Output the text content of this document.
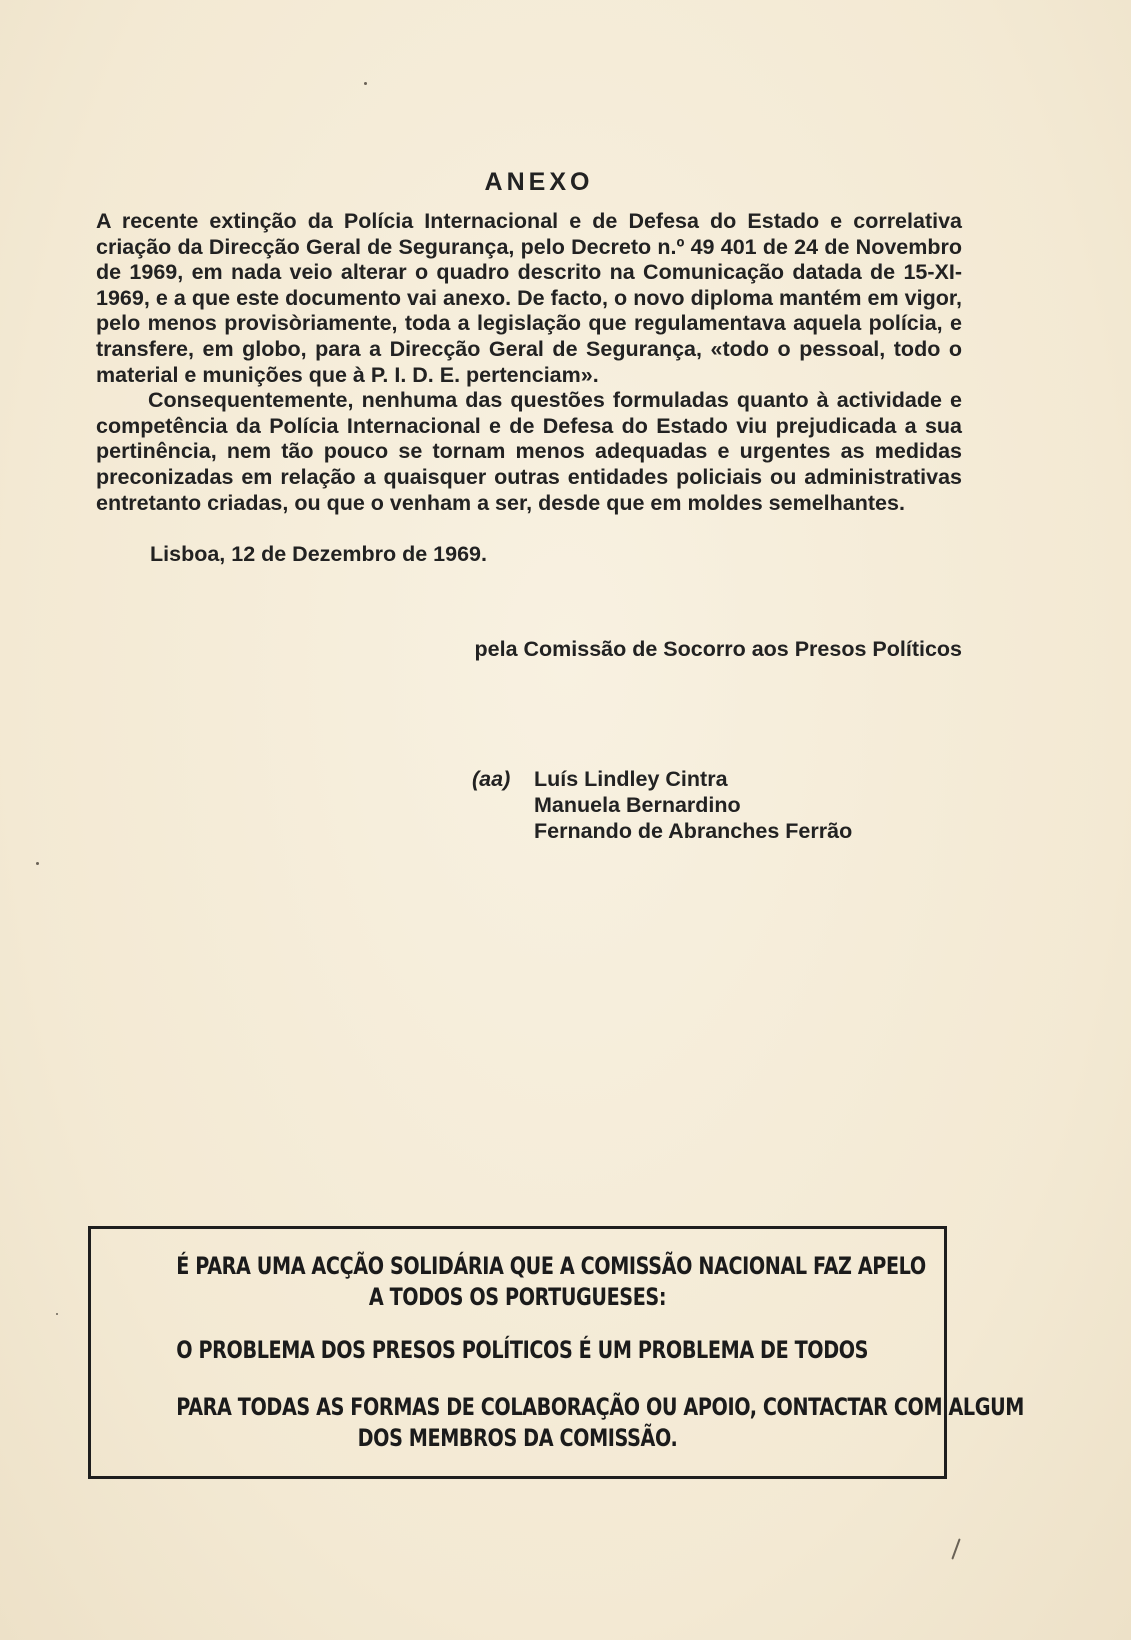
ANEXO

A recente extinção da Polícia Internacional e de Defesa do Estado e correlativa criação da Direcção Geral de Segurança, pelo Decreto n.º 49 401 de 24 de Novembro de 1969, em nada veio alterar o quadro descrito na Comunicação datada de 15-XI-1969, e a que este documento vai anexo. De facto, o novo diploma mantém em vigor, pelo menos provisòriamente, toda a legislação que regulamentava aquela polícia, e transfere, em globo, para a Direcção Geral de Segurança, «todo o pessoal, todo o material e munições que à P. I. D. E. pertenciam».

Consequentemente, nenhuma das questões formuladas quanto à actividade e competência da Polícia Internacional e de Defesa do Estado viu prejudicada a sua pertinência, nem tão pouco se tornam menos adequadas e urgentes as medidas preconizadas em relação a quaisquer outras entidades policiais ou administrativas entretanto criadas, ou que o venham a ser, desde que em moldes semelhantes.

Lisboa, 12 de Dezembro de 1969.
pela Comissão de Socorro aos Presos Políticos
(aa)	Luís Lindley Cintra
Manuela Bernardino
Fernando de Abranches Ferrão
É PARA UMA ACÇÃO SOLIDÁRIA QUE A COMISSÃO NACIONAL FAZ APELO
A TODOS OS PORTUGUESES:
O PROBLEMA DOS PRESOS POLÍTICOS É UM PROBLEMA DE TODOS
PARA TODAS AS FORMAS DE COLABORAÇÃO OU APOIO, CONTACTAR COM ALGUM
DOS MEMBROS DA COMISSÃO.
